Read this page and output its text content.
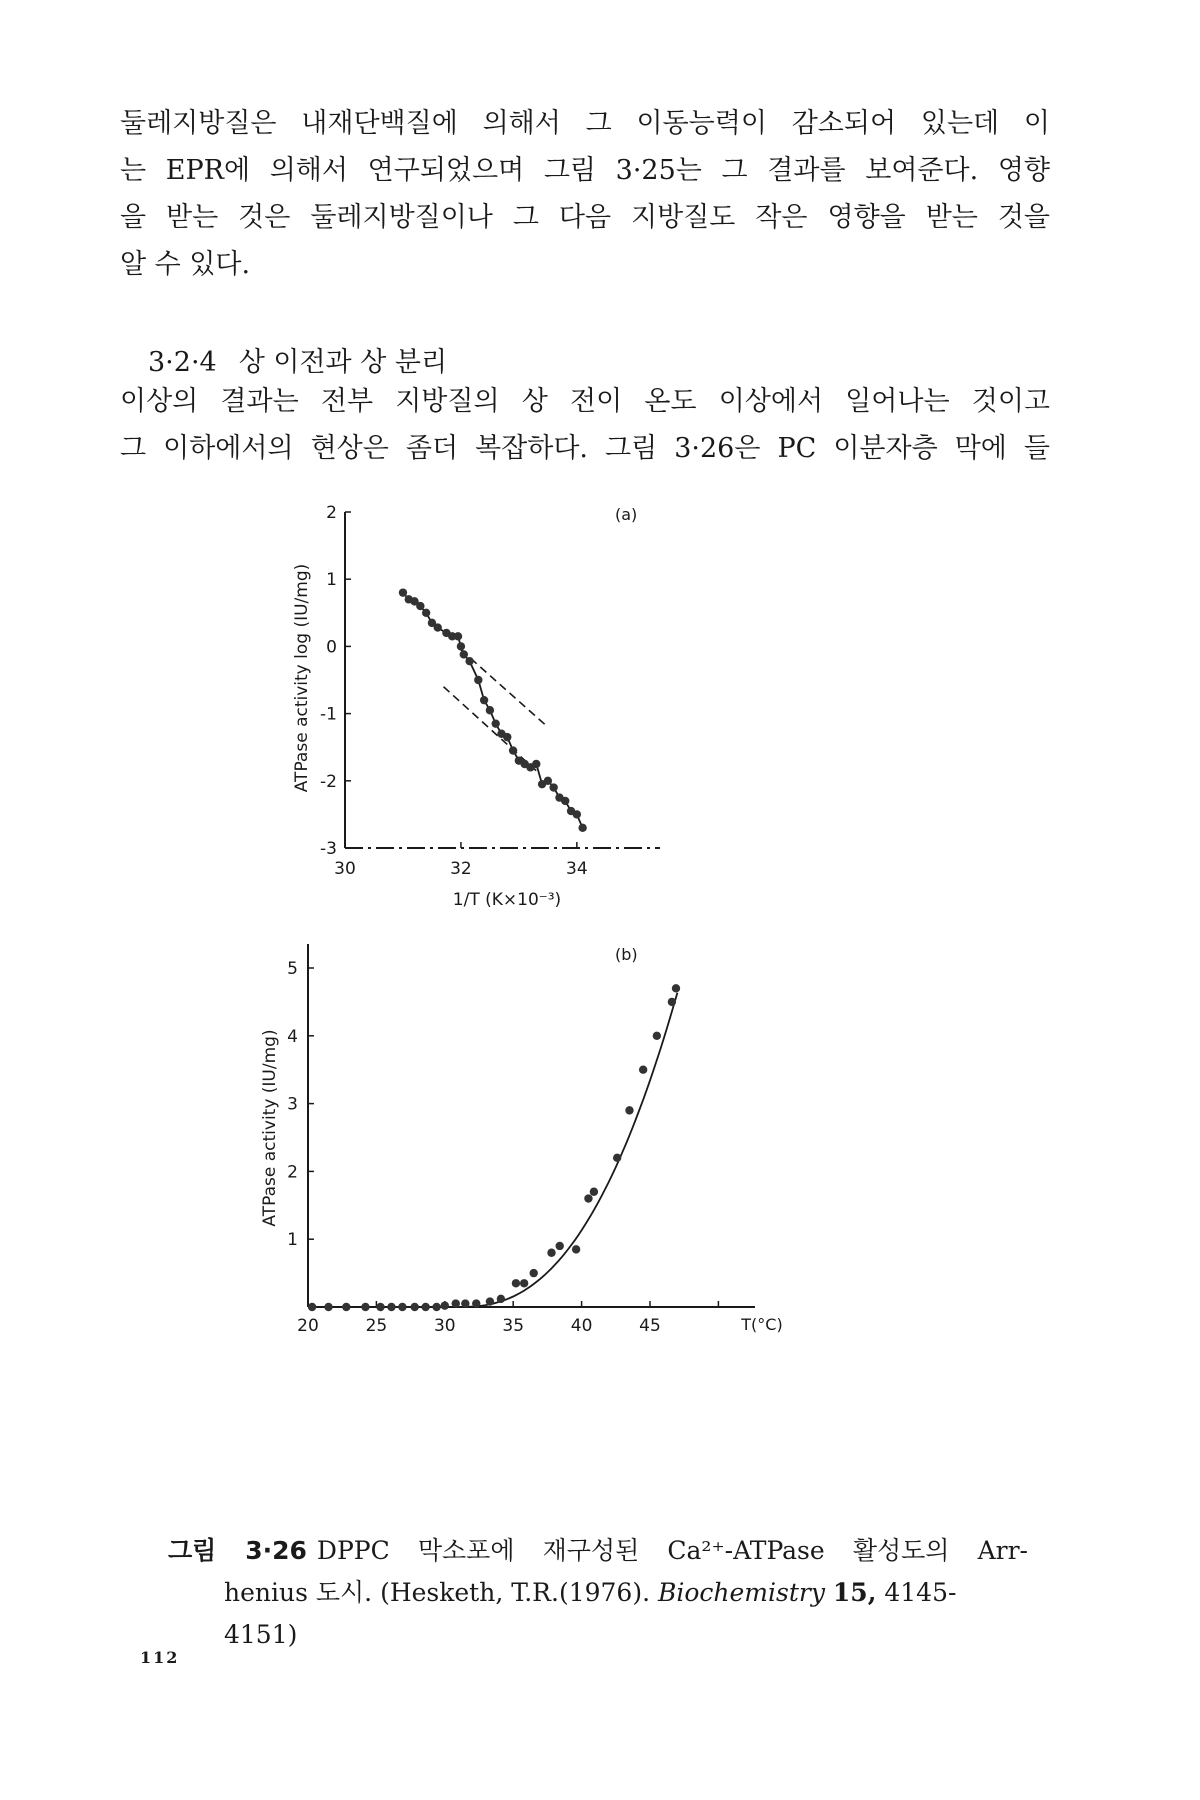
둘레지방질은 내재단백질에 의해서 그 이동능력이 감소되어 있는데 이
는 EPR에 의해서 연구되었으며 그림 3·25는 그 결과를 보여준다. 영향
을 받는 것은 둘레지방질이나 그 다음 지방질도 작은 영향을 받는 것을
알 수 있다.

3·2·4 상 이전과 상 분리

이상의 결과는 전부 지방질의 상 전이 온도 이상에서 일어나는 것이고
그 이하에서의 현상은 좀더 복잡하다. 그림 3·26은 PC 이분자층 막에 들

(a)
ATPase activity log (IU/mg)
1/T (K×10⁻³)
2
1
0
-1
-2
-3
30	32	34
(b)
ATPase activity (IU/mg)
T(°C)
5
4
3
2
1
20	25	30	35	40	45

그림 3·26 DPPC 막소포에 재구성된 Ca²⁺-ATPase 활성도의 Arr-
henius 도시. (Hesketh, T.R.(1976). Biochemistry 15, 4145-4151)

112
